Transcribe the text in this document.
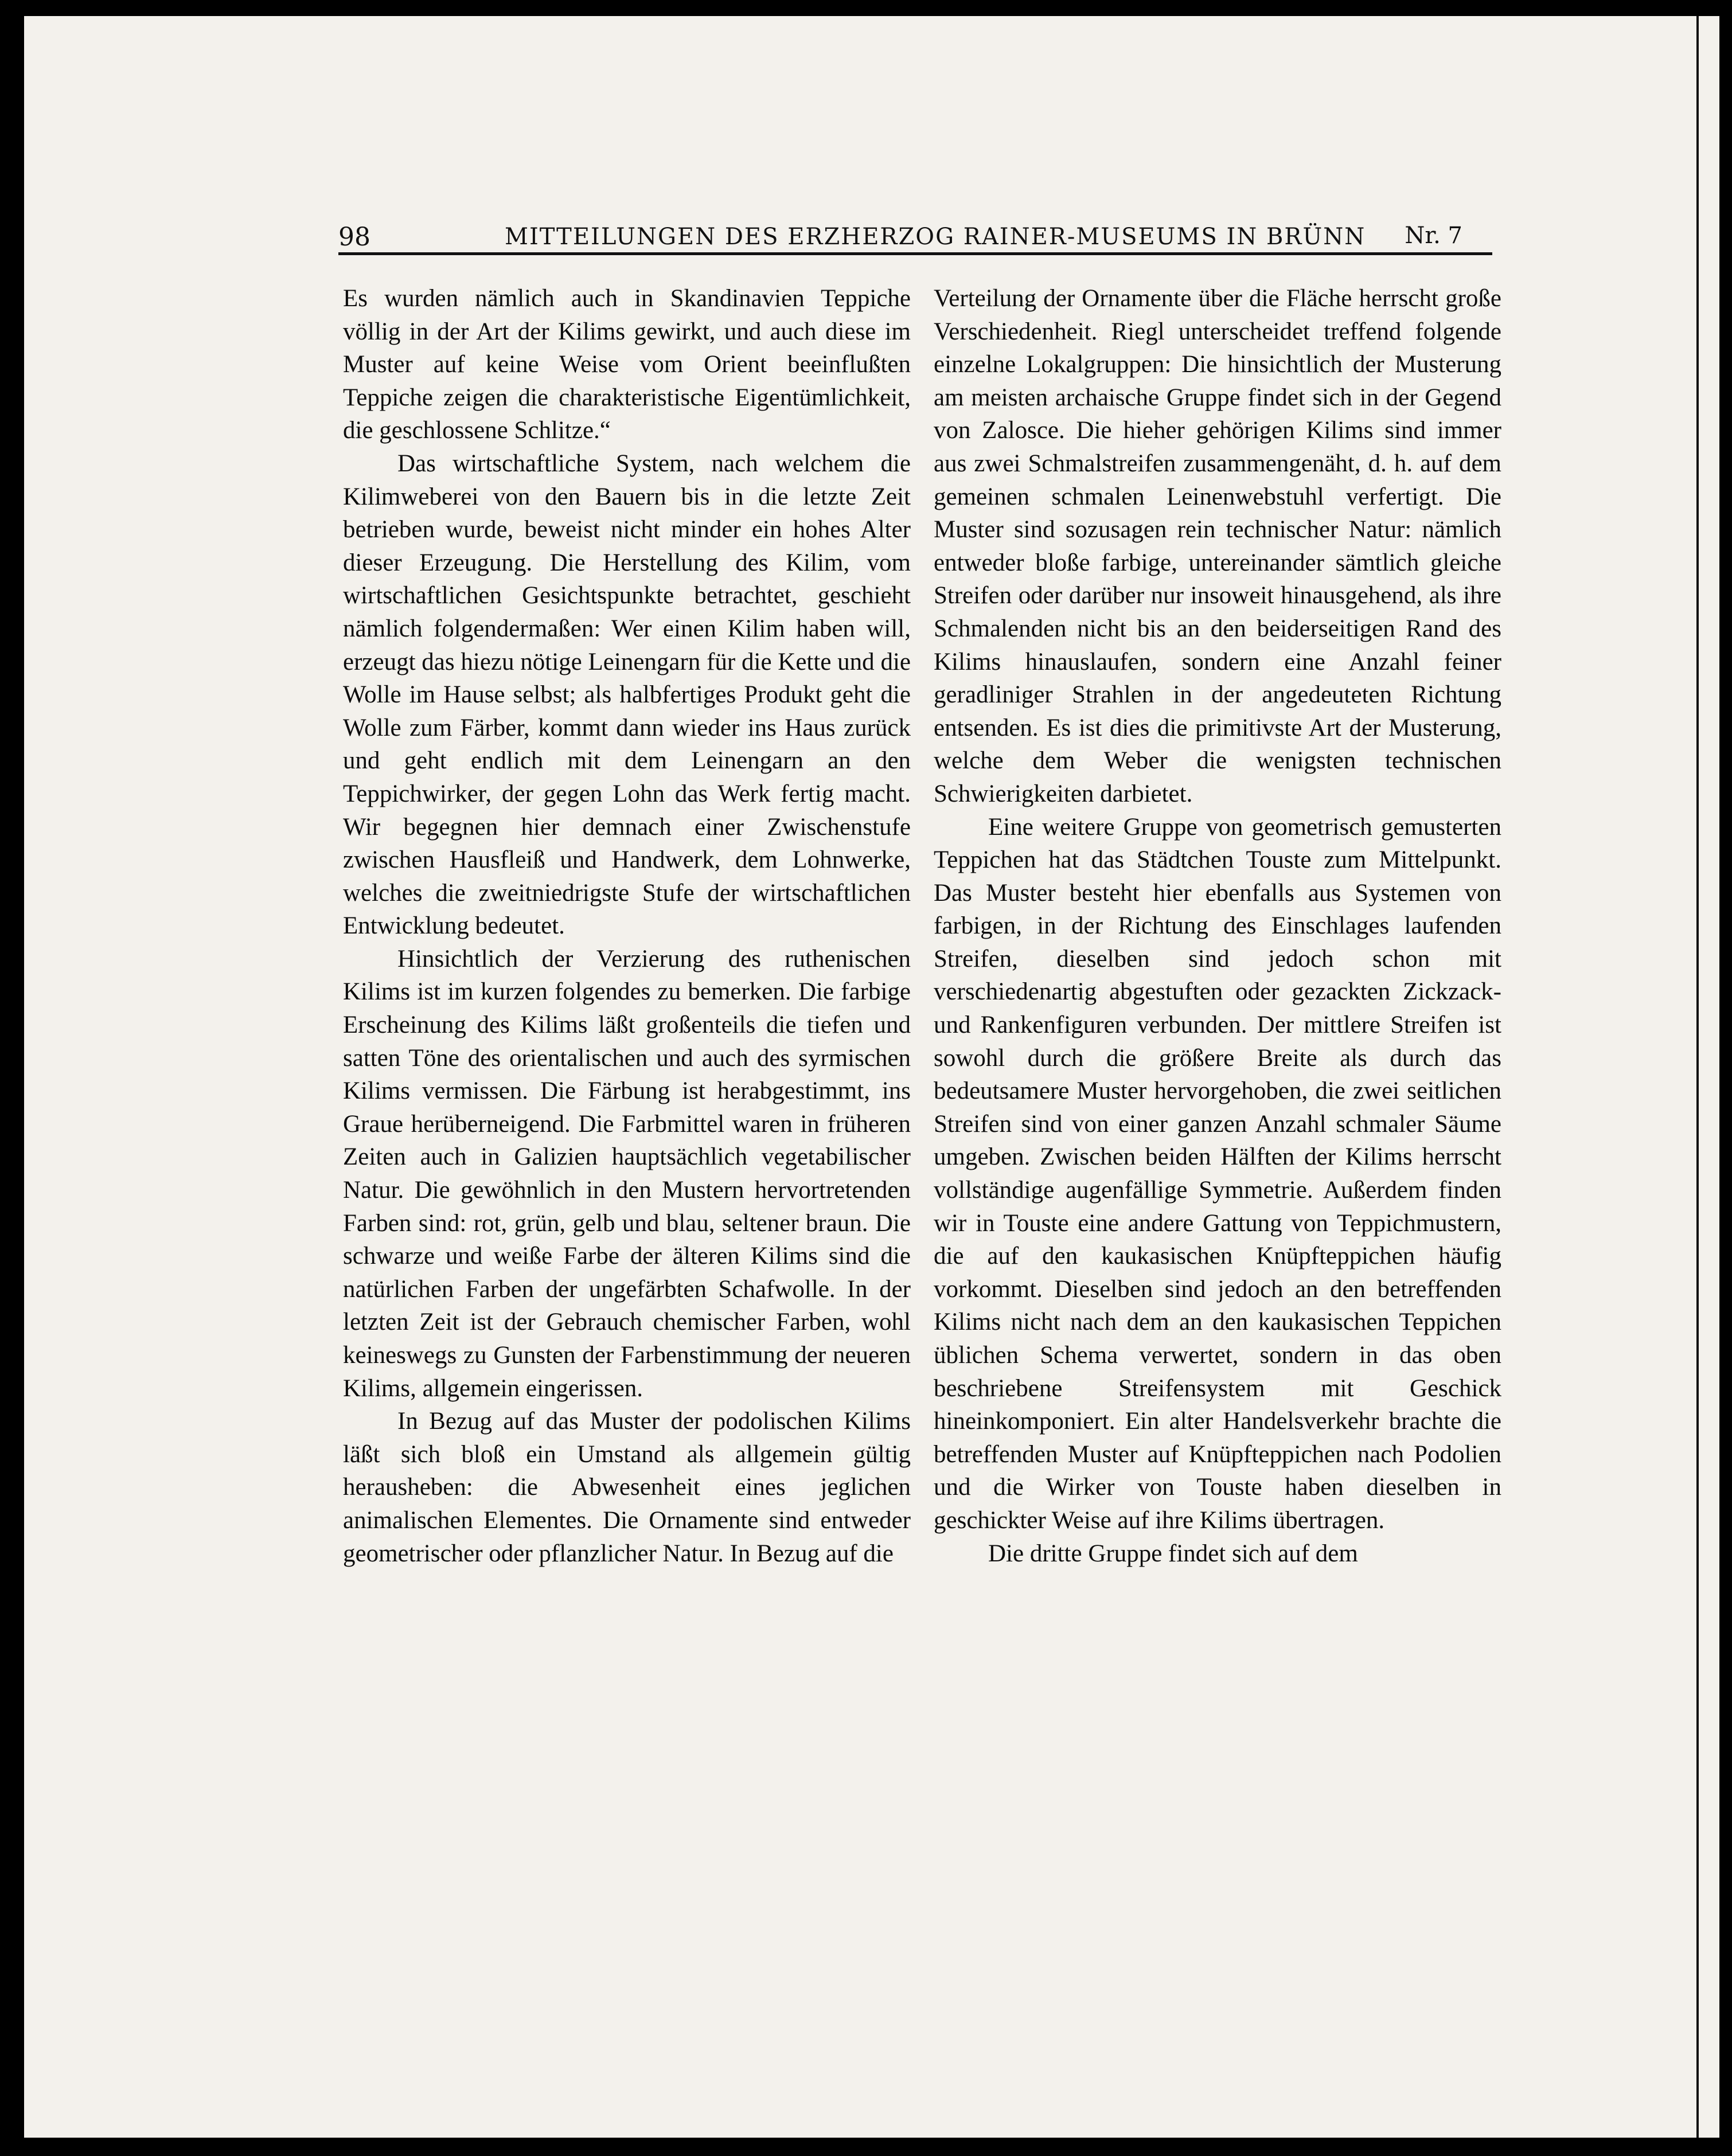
98	MITTEILUNGEN DES ERZHERZOG RAINER-MUSEUMS IN BRÜNN Nr. 7

Es wurden nämlich auch in Skandinavien Teppiche völlig in der Art der Kilims gewirkt, und auch diese im Muster auf keine Weise vom Orient beeinflußten Teppiche zeigen die charakteristische Eigentümlichkeit, die geschlossene Schlitze.“

Das wirtschaftliche System, nach welchem die Kilimweberei von den Bauern bis in die letzte Zeit betrieben wurde, beweist nicht minder ein hohes Alter dieser Erzeugung. Die Herstellung des Kilim, vom wirtschaftlichen Gesichtspunkte betrachtet, geschieht nämlich folgendermaßen: Wer einen Kilim haben will, erzeugt das hiezu nötige Leinengarn für die Kette und die Wolle im Hause selbst; als halbfertiges Produkt geht die Wolle zum Färber, kommt dann wieder ins Haus zurück und geht endlich mit dem Leinengarn an den Teppichwirker, der gegen Lohn das Werk fertig macht. Wir begegnen hier demnach einer Zwischenstufe zwischen Hausfleiß und Handwerk, dem Lohnwerke, welches die zweitniedrigste Stufe der wirtschaftlichen Entwicklung bedeutet.

Hinsichtlich der Verzierung des ruthenischen Kilims ist im kurzen folgendes zu bemerken. Die farbige Erscheinung des Kilims läßt großenteils die tiefen und satten Töne des orientalischen und auch des syrmischen Kilims vermissen. Die Färbung ist herabgestimmt, ins Graue herüberneigend. Die Farbmittel waren in früheren Zeiten auch in Galizien hauptsächlich vegetabilischer Natur. Die gewöhnlich in den Mustern hervortretenden Farben sind: rot, grün, gelb und blau, seltener braun. Die schwarze und weiße Farbe der älteren Kilims sind die natürlichen Farben der ungefärbten Schafwolle. In der letzten Zeit ist der Gebrauch chemischer Farben, wohl keineswegs zu Gunsten der Farbenstimmung der neueren Kilims, allgemein eingerissen.

In Bezug auf das Muster der podolischen Kilims läßt sich bloß ein Umstand als allgemein gültig herausheben: die Abwesenheit eines jeglichen animalischen Elementes. Die Ornamente sind entweder geometrischer oder pflanzlicher Natur. In Bezug auf die

Verteilung der Ornamente über die Fläche herrscht große Verschiedenheit. Riegl unterscheidet treffend folgende einzelne Lokalgruppen: Die hinsichtlich der Musterung am meisten archaische Gruppe findet sich in der Gegend von Zalosce. Die hieher gehörigen Kilims sind immer aus zwei Schmalstreifen zusammengenäht, d. h. auf dem gemeinen schmalen Leinenwebstuhl verfertigt. Die Muster sind sozusagen rein technischer Natur: nämlich entweder bloße farbige, untereinander sämtlich gleiche Streifen oder darüber nur insoweit hinausgehend, als ihre Schmalenden nicht bis an den beiderseitigen Rand des Kilims hinauslaufen, sondern eine Anzahl feiner geradliniger Strahlen in der angedeuteten Richtung entsenden. Es ist dies die primitivste Art der Musterung, welche dem Weber die wenigsten technischen Schwierigkeiten darbietet.

Eine weitere Gruppe von geometrisch gemusterten Teppichen hat das Städtchen Touste zum Mittelpunkt. Das Muster besteht hier ebenfalls aus Systemen von farbigen, in der Richtung des Einschlages laufenden Streifen, dieselben sind jedoch schon mit verschiedenartig abgestuften oder gezackten Zickzack- und Rankenfiguren verbunden. Der mittlere Streifen ist sowohl durch die größere Breite als durch das bedeutsamere Muster hervorgehoben, die zwei seitlichen Streifen sind von einer ganzen Anzahl schmaler Säume umgeben. Zwischen beiden Hälften der Kilims herrscht vollständige augenfällige Symmetrie. Außerdem finden wir in Touste eine andere Gattung von Teppichmustern, die auf den kaukasischen Knüpfteppichen häufig vorkommt. Dieselben sind jedoch an den betreffenden Kilims nicht nach dem an den kaukasischen Teppichen üblichen Schema verwertet, sondern in das oben beschriebene Streifensystem mit Geschick hineinkomponiert. Ein alter Handelsverkehr brachte die betreffenden Muster auf Knüpfteppichen nach Podolien und die Wirker von Touste haben dieselben in geschickter Weise auf ihre Kilims übertragen.

Die dritte Gruppe findet sich auf dem
